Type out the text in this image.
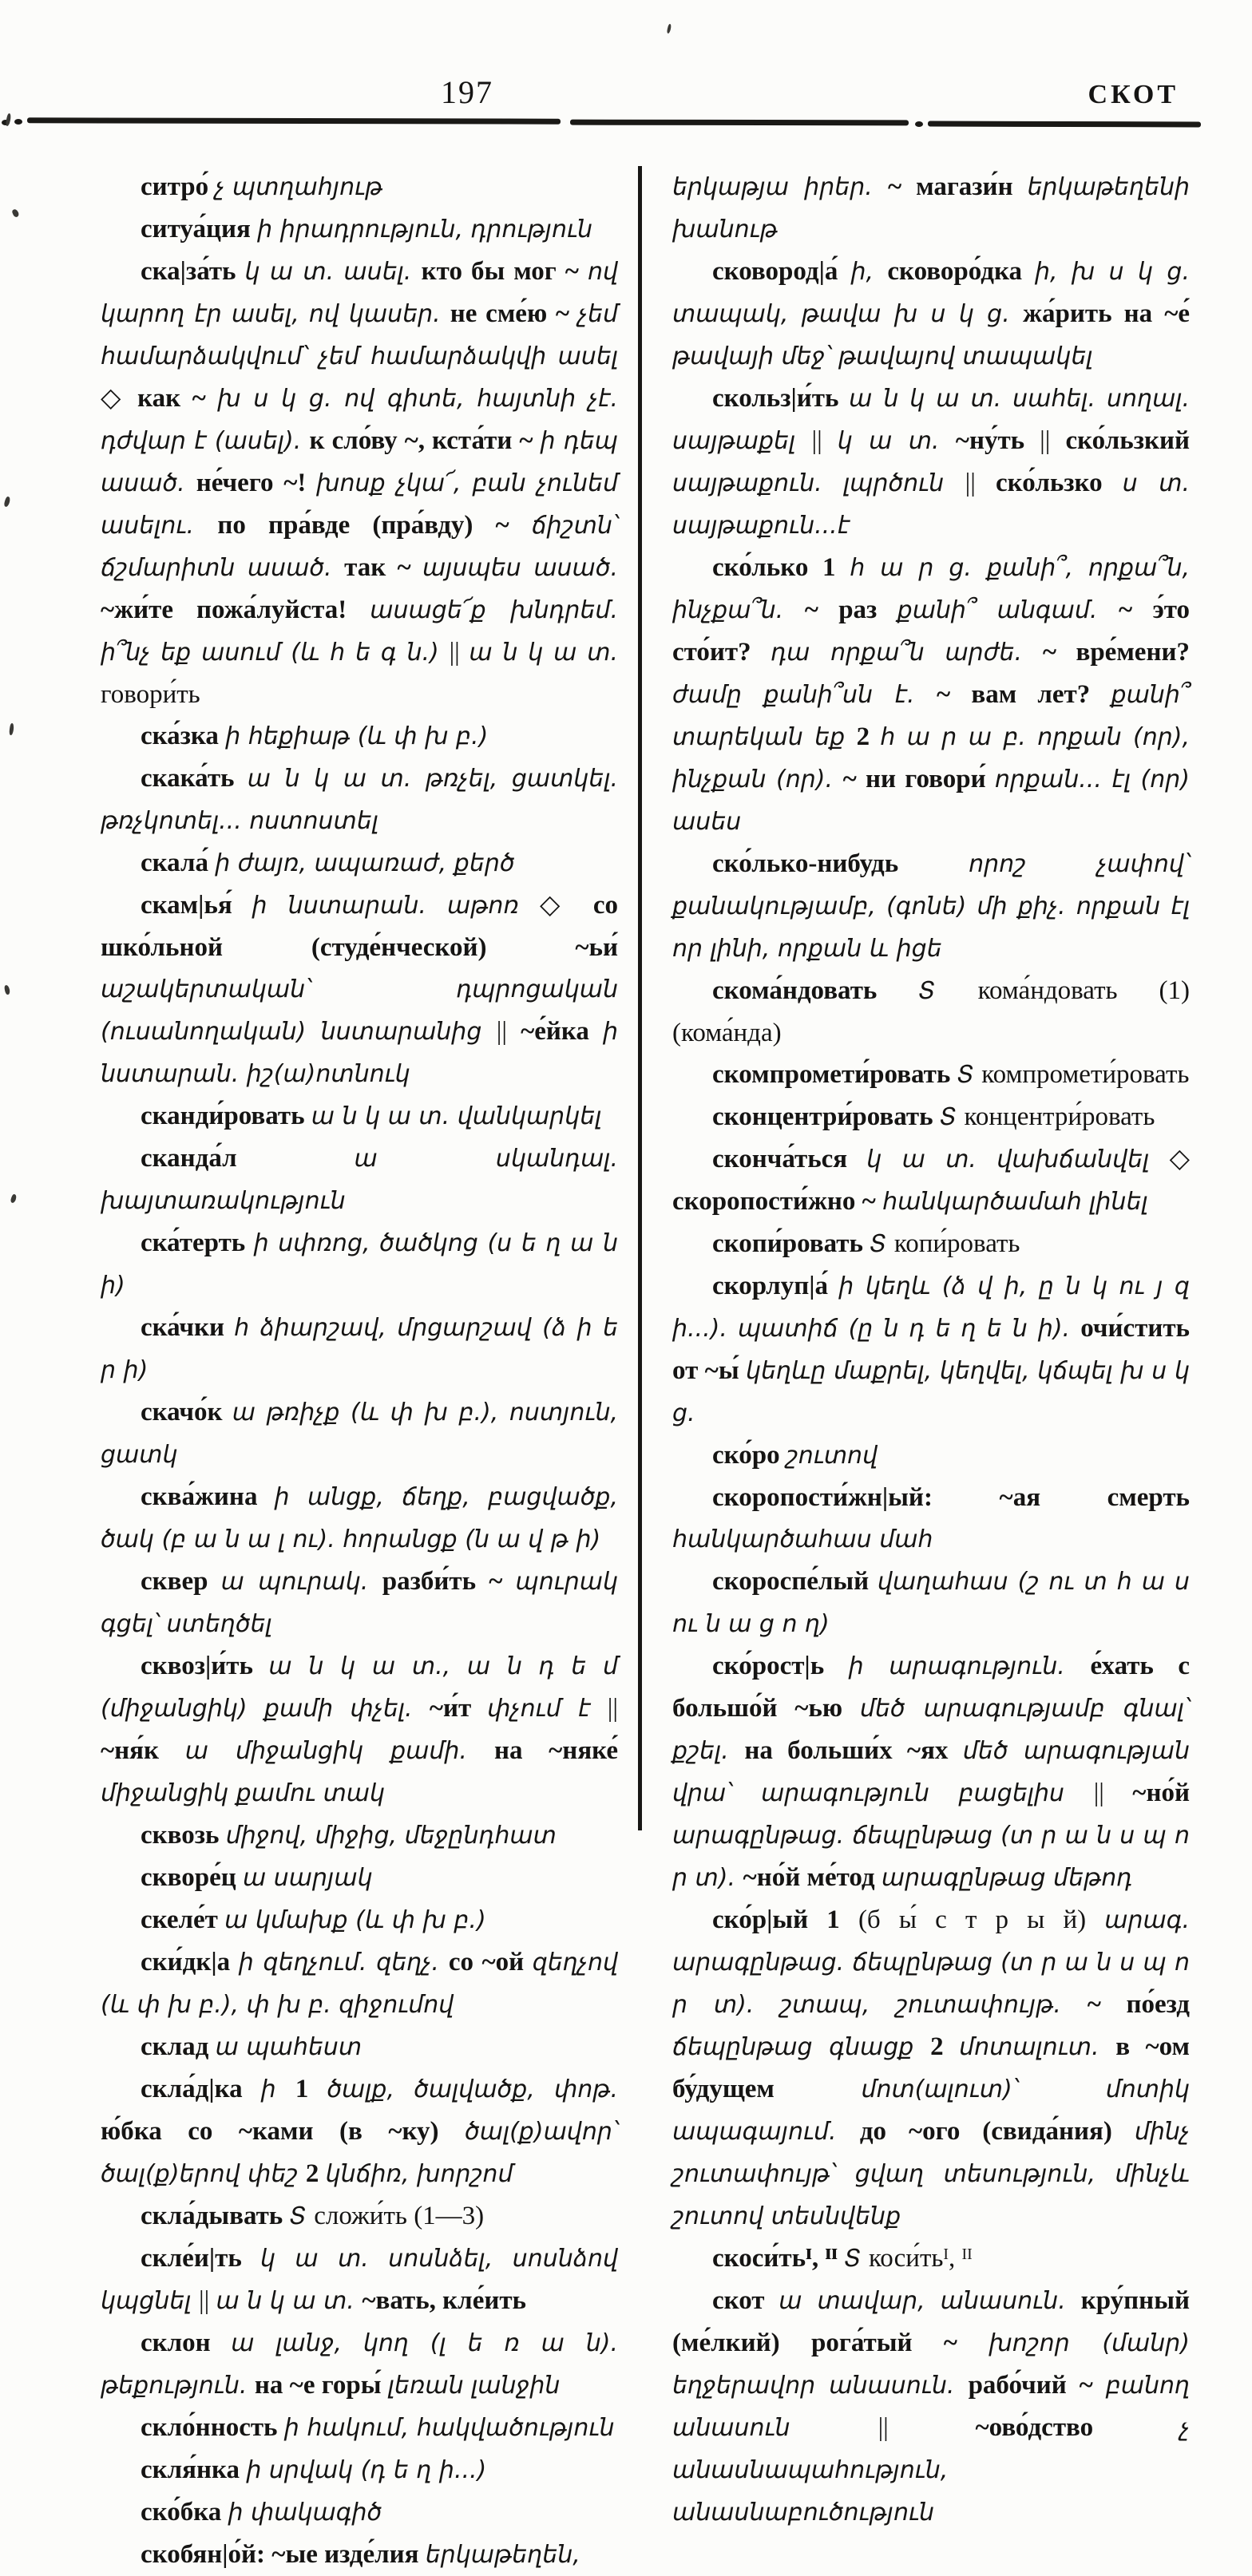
197	СКОТ

ситро́ չ պտղահյութ

ситуа́ция ի իրադրություն, դրություն

ска|за́ть կ ա տ. ասել. кто бы мог ~ ով կարող էր ասել, ով կասեր. не сме́ю ~ չեմ համարձակվում՝ չեմ համարձակվի ասել ◇ как ~ խ ս կ ց. ով գիտե, հայտնի չէ. դժվար է (ասել). к сло́ву ~, кста́ти ~ ի դեպ ասած. не́чего ~! խոսք չկա՜, բան չունեմ ասելու. по пра́вде (пра́вду) ~ ճիշտն՝ ճշմարիտն ասած. так ~ այսպես ասած. ~жи́те пожа́луйста! ասացե՜ք խնդրեմ. ի՞նչ եք ասում (և հ ե գ ն.) || ա ն կ ա տ. говори́ть

ска́зка ի հեքիաթ (և փ խ բ.)

скака́ть ա ն կ ա տ. թռչել, ցատկել. թռչկոտել... ոստոստել

скала́ ի ժայռ, ապառաժ, քերծ

скам|ья́ ի նստարան. աթոռ ◇ со шко́льной (студе́нческой) ~ьи́ աշակերտական՝ դպրոցական (ուսանողական) նստարանից || ~е́йка ի նստարան. իշ(ա)ոտնուկ

сканди́ровать ա ն կ ա տ. վանկարկել

сканда́л ա սկանդալ. խայտառակություն

ска́терть ի սփռոց, ծածկոց (ս ե ղ ա ն ի)

ска́чки հ ձիարշավ, մրցարշավ (ձ ի ե ր ի)

скачо́к ա թռիչք (և փ խ բ.), ոստյուն, ցատկ

сква́жина ի անցք, ճեղք, բացվածք, ծակ (բ ա ն ա լ ու). հորանցք (ն ա վ թ ի)

сквер ա պուրակ. разби́ть ~ պուրակ գցել՝ ստեղծել

сквоз|и́ть ա ն կ ա տ., ա ն դ ե մ (միջանցիկ) քամի փչել. ~и́т փչում է || ~ня́к ա միջանցիկ քամի. на ~няке́ միջանցիկ քամու տակ

сквозь միջով, միջից, մեջընդհատ

скворе́ц ա սարյակ

скеле́т ա կմախք (և փ խ բ.)

ски́дк|а ի զեղչում. զեղչ. со ~ой զեղչով (և փ խ բ.), փ խ բ. զիջումով

склад ա պահեստ

скла́д|ка ի 1 ծալք, ծալվածք, փոթ. ю́бка со ~ками (в ~ку) ծալ(ք)ավոր՝ ծալ(ք)երով փեշ 2 կնճիռ, խորշոմ

скла́дывать Տ сложи́ть (1—3)

скле́и|ть կ ա տ. սոսնձել, սոսնձով կպցնել || ա ն կ ա տ. ~вать, кле́ить

склон ա լանջ, կող (լ ե ռ ա ն). թեքություն. на ~е горы́ լեռան լանջին

скло́нность ի հակում, հակվածություն

скля́нка ի սրվակ (դ ե ղ ի...)

ско́бка ի փակագիծ

скобян|о́й: ~ые изде́лия երկաթեղեն,

երկաթյա իրեր. ~ магази́н երկաթեղենի խանութ

сковород|а́ ի, сковоро́дка ի, խ ս կ ց. տապակ, թավա խ ս կ ց. жа́рить на ~е́ թավայի մեջ՝ թավայով տապակել

скольз|и́ть ա ն կ ա տ. սահել. սողալ. սայթաքել || կ ա տ. ~ну́ть || ско́льзкий սայթաքուն. լպրծուն || ско́льзко ս տ. սայթաքուն...է

ско́лько 1 հ ա ր ց. քանի՞, որքա՞ն, ինչքա՞ն. ~ раз քանի՞ անգամ. ~ э́то сто́ит? դա որքա՞ն արժե. ~ вре́мени? ժամը քանի՞սն է. ~ вам лет? քանի՞ տարեկան եք 2 հ ա ր ա բ. որքան (որ), ինչքան (որ). ~ ни говори́ որքան... էլ (որ) ասես

ско́лько-нибудь որոշ չափով՝ քանակությամբ, (գոնե) մի քիչ. որքան էլ որ լինի, որքան և իցե

скома́ндовать Տ кома́ндовать (1) (кома́нда)

скомпромети́ровать Տ компромети́ровать

сконцентри́ровать Տ концентри́ровать

сконча́ться կ ա տ. վախճանվել ◇ скоропости́жно ~ հանկարծամահ լինել

скопи́ровать Տ копи́ровать

скорлуп|а́ ի կեղև (ձ վ ի, ը ն կ ու յ զ ի...). պատիճ (ը ն դ ե ղ ե ն ի). очи́стить от ~ы́ կեղևը մաքրել, կեղվել, կճպել խ ս կ ց.

ско́ро շուտով

скоропости́жн|ый: ~ая смерть հանկարծահաս մահ

скороспе́лый վաղահաս (շ ու տ հ ա ս ու ն ա ց ո ղ)

ско́рост|ь ի արագություն. е́хать с большо́й ~ью մեծ արագությամբ գնալ՝ քշել. на больши́х ~ях մեծ արագության վրա՝ արագություն բացելիս || ~но́й արագընթաց. ճեպընթաց (տ ր ա ն ս պ ո ր տ). ~но́й ме́тод արագընթաց մեթոդ

ско́р|ый 1 (б ы́ с т р ы й) արագ. արագընթաց. ճեպընթաց (տ ր ա ն ս պ ո ր տ). շտապ, շուտափույթ. ~ по́езд ճեպընթաց գնացք 2 մոտալուտ. в ~ом бу́дущем մոտ(ալուտ)՝ մոտիկ ապագայում. до ~ого (свида́ния) մինչ շուտափույթ՝ ցվաղ տեսություն, մինչև շուտով տեսնվենք

скоси́тьᴵ, ᴵᴵ Տ коси́тьᴵ, ᴵᴵ

скот ա տավար, անասուն. кру́пный (ме́лкий) рога́тый ~ խոշոր (մանր) եղջերավոր անասուն. рабо́чий ~ բանող անասուն || ~ово́дство չ անասնապահություն, անասնաբուծություն
